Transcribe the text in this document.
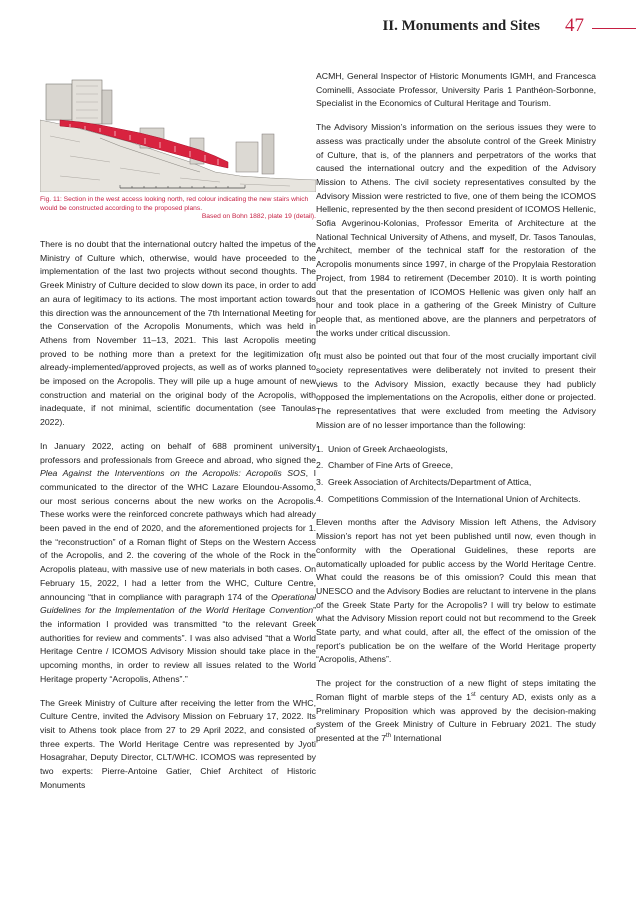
II. Monuments and Sites 47
Fig. 11: Section in the west access looking north, red colour indicating the new stairs which would be constructed according to the proposed plans.
Based on Bohn 1882, plate 19 (detail).

There is no doubt that the international outcry halted the impetus of the Ministry of Culture which, otherwise, would have proceeded to the implementation of the last two projects without second thoughts. The Greek Ministry of Culture decided to slow down its pace, in order to add an aura of legitimacy to its actions. The most important action towards this direction was the announcement of the 7th International Meeting for the Conservation of the Acropolis Monuments, which was held in Athens from November 11–13, 2021. This last Acropolis meeting proved to be nothing more than a pretext for the legitimization of already-implemented/approved projects, as well as of works planned to be imposed on the Acropolis. They will pile up a huge amount of new construction and material on the original body of the Acropolis, with inadequate, if not minimal, scientific documentation (see Tanoulas 2022).

In January 2022, acting on behalf of 688 prominent university professors and professionals from Greece and abroad, who signed the Plea Against the Interventions on the Acropolis: Acropolis SOS, I communicated to the director of the WHC Lazare Eloundou-Assomo, our most serious concerns about the new works on the Acropolis. These works were the reinforced concrete pathways which had already been paved in the end of 2020, and the aforementioned projects for 1. the “reconstruction” of a Roman flight of Steps on the Western Access of the Acropolis, and 2. the covering of the whole of the Rock in the Acropolis plateau, with massive use of new materials in both cases. On February 15, 2022, I had a letter from the WHC, Culture Centre, announcing “that in compliance with paragraph 174 of the Operational Guidelines for the Implementation of the World Heritage Convention” the information I provided was transmitted “to the relevant Greek authorities for review and comments”. I was also advised “that a World Heritage Centre / ICOMOS Advisory Mission should take place in the upcoming months, in order to review all issues related to the World Heritage property “Acropolis, Athens”.”

The Greek Ministry of Culture after receiving the letter from the WHC, Culture Centre, invited the Advisory Mission on February 17, 2022. Its visit to Athens took place from 27 to 29 April 2022, and consisted of three experts. The World Heritage Centre was represented by Jyoti Hosagrahar, Deputy Director, CLT/WHC. ICOMOS was represented by two experts: Pierre-Antoine Gatier, Chief Architect of Historic Monuments

ACMH, General Inspector of Historic Monuments IGMH, and Francesca Cominelli, Associate Professor, University Paris 1 Panthéon-Sorbonne, Specialist in the Economics of Cultural Heritage and Tourism.

The Advisory Mission’s information on the serious issues they were to assess was practically under the absolute control of the Greek Ministry of Culture, that is, of the planners and perpetrators of the works that caused the international outcry and the expedition of the Advisory Mission to Athens. The civil society representatives consulted by the Advisory Mission were restricted to five, one of them being the ICOMOS Hellenic, represented by the then second president of ICOMOS Hellenic, Sofia Avgerinou-Kolonias, Professor Emerita of Architecture at the National Technical University of Athens, and myself, Dr. Tasos Tanoulas, Architect, member of the technical staff for the restoration of the Acropolis monuments since 1997, in charge of the Propylaia Restoration Project, from 1984 to retirement (December 2010). It is worth pointing out that the presentation of ICOMOS Hellenic was given only half an hour and took place in a gathering of the Greek Ministry of Culture people that, as mentioned above, are the planners and perpetrators of the works under critical discussion.

It must also be pointed out that four of the most crucially important civil society representatives were deliberately not invited to present their views to the Advisory Mission, exactly because they had publicly opposed the implementations on the Acropolis, either done or projected. The representatives that were excluded from meeting the Advisory Mission are of no lesser importance than the following:

1. Union of Greek Archaeologists,
2. Chamber of Fine Arts of Greece,
3. Greek Association of Architects/Department of Attica,
4. Competitions Commission of the International Union of Architects.

Eleven months after the Advisory Mission left Athens, the Advisory Mission’s report has not yet been published until now, even though in conformity with the Operational Guidelines, these reports are automatically uploaded for public access by the World Heritage Centre. What could the reasons be of this omission? Could this mean that UNESCO and the Advisory Bodies are reluctant to intervene in the plans of the Greek State Party for the Acropolis? I will try below to estimate what the Advisory Mission report could not but recommend to the Greek State party, and what could, after all, the effect of the omission of the report’s publication be on the welfare of the World Heritage property “Acropolis, Athens”.

The project for the construction of a new flight of steps imitating the Roman flight of marble steps of the 1st century AD, exists only as a Preliminary Proposition which was approved by the decision-making system of the Greek Ministry of Culture in February 2021. The study presented at the 7th International
